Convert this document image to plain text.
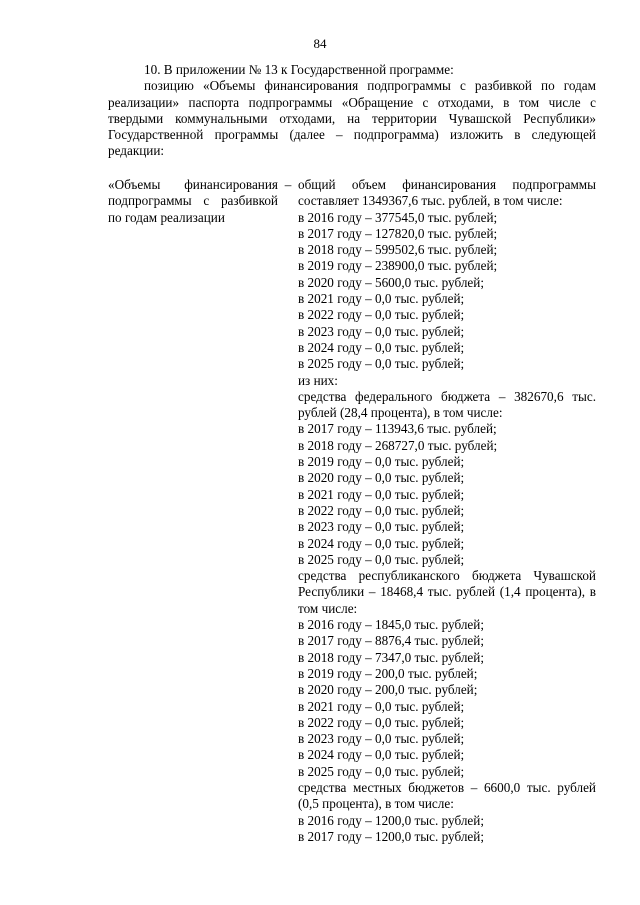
84

10. В приложении № 13 к Государственной программе:

позицию «Объемы финансирования подпрограммы с разбивкой по годам реализации» паспорта подпрограммы «Обращение с отходами, в том числе с твердыми коммунальными отходами, на территории Чувашской Республики» Государственной программы (далее – подпрограмма) изложить в следующей редакции:

«Объемы финансирования подпрограммы с разбивкой по годам реализации
– общий объем финансирования подпрограммы составляет 1349367,6 тыс. рублей, в том числе:
в 2016 году – 377545,0 тыс. рублей;
в 2017 году – 127820,0 тыс. рублей;
в 2018 году – 599502,6 тыс. рублей;
в 2019 году – 238900,0 тыс. рублей;
в 2020 году – 5600,0 тыс. рублей;
в 2021 году – 0,0 тыс. рублей;
в 2022 году – 0,0 тыс. рублей;
в 2023 году – 0,0 тыс. рублей;
в 2024 году – 0,0 тыс. рублей;
в 2025 году – 0,0 тыс. рублей;
из них:
средства федерального бюджета – 382670,6 тыс. рублей (28,4 процента), в том числе:
в 2017 году – 113943,6 тыс. рублей;
в 2018 году – 268727,0 тыс. рублей;
в 2019 году – 0,0 тыс. рублей;
в 2020 году – 0,0 тыс. рублей;
в 2021 году – 0,0 тыс. рублей;
в 2022 году – 0,0 тыс. рублей;
в 2023 году – 0,0 тыс. рублей;
в 2024 году – 0,0 тыс. рублей;
в 2025 году – 0,0 тыс. рублей;
средства республиканского бюджета Чувашской Республики – 18468,4 тыс. рублей (1,4 процента), в том числе:
в 2016 году – 1845,0 тыс. рублей;
в 2017 году – 8876,4 тыс. рублей;
в 2018 году – 7347,0 тыс. рублей;
в 2019 году – 200,0 тыс. рублей;
в 2020 году – 200,0 тыс. рублей;
в 2021 году – 0,0 тыс. рублей;
в 2022 году – 0,0 тыс. рублей;
в 2023 году – 0,0 тыс. рублей;
в 2024 году – 0,0 тыс. рублей;
в 2025 году – 0,0 тыс. рублей;
средства местных бюджетов – 6600,0 тыс. рублей (0,5 процента), в том числе:
в 2016 году – 1200,0 тыс. рублей;
в 2017 году – 1200,0 тыс. рублей;
